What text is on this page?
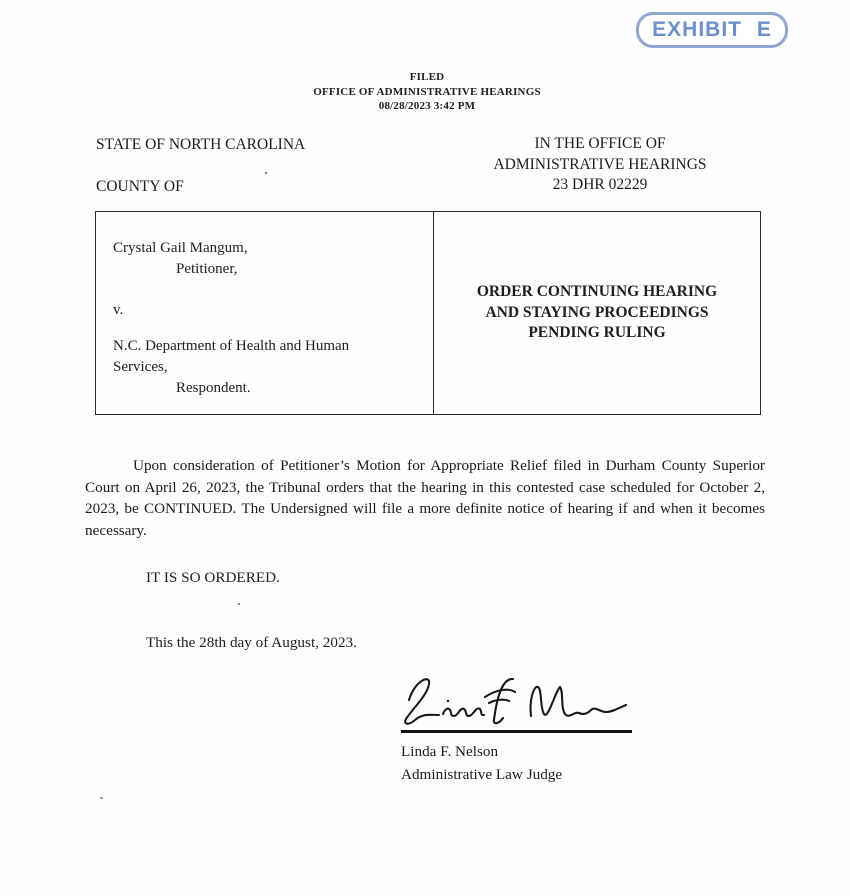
EXHIBIT E
FILED
OFFICE OF ADMINISTRATIVE HEARINGS
08/28/2023 3:42 PM
STATE OF NORTH CAROLINA
COUNTY OF
IN THE OFFICE OF
ADMINISTRATIVE HEARINGS
23 DHR 02229
Crystal Gail Mangum,
Petitioner,
v.
N.C. Department of Health and Human
Services,
Respondent.
ORDER CONTINUING HEARING
AND STAYING PROCEEDINGS
PENDING RULING
Upon consideration of Petitioner’s Motion for Appropriate Relief filed in Durham County Superior Court on April 26, 2023, the Tribunal orders that the hearing in this contested case scheduled for October 2, 2023, be CONTINUED. The Undersigned will file a more definite notice of hearing if and when it becomes necessary.
IT IS SO ORDERED.
This the 28th day of August, 2023.
Linda F. Nelson
Administrative Law Judge
